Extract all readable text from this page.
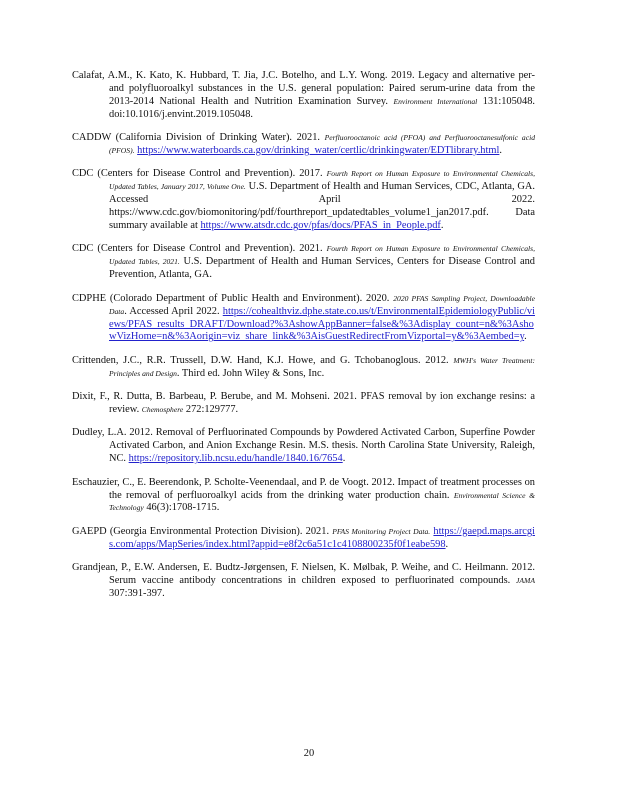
Calafat, A.M., K. Kato, K. Hubbard, T. Jia, J.C. Botelho, and L.Y. Wong. 2019. Legacy and alternative per- and polyfluoroalkyl substances in the U.S. general population: Paired serum-urine data from the 2013-2014 National Health and Nutrition Examination Survey. Environment International 131:105048. doi:10.1016/j.envint.2019.105048.
CADDW (California Division of Drinking Water). 2021. Perfluorooctanoic acid (PFOA) and Perfluorooctanesulfonic acid (PFOS). https://www.waterboards.ca.gov/drinking_water/certlic/drinkingwater/EDTlibrary.html.
CDC (Centers for Disease Control and Prevention). 2017. Fourth Report on Human Exposure to Environmental Chemicals, Updated Tables, January 2017, Volume One. U.S. Department of Health and Human Services, CDC, Atlanta, GA. Accessed April 2022. https://www.cdc.gov/biomonitoring/pdf/fourthreport_updatedtables_volume1_jan2017.pdf. Data summary available at https://www.atsdr.cdc.gov/pfas/docs/PFAS_in_People.pdf.
CDC (Centers for Disease Control and Prevention). 2021. Fourth Report on Human Exposure to Environmental Chemicals, Updated Tables, 2021. U.S. Department of Health and Human Services, Centers for Disease Control and Prevention, Atlanta, GA.
CDPHE (Colorado Department of Public Health and Environment). 2020. 2020 PFAS Sampling Project, Downloadable Data. Accessed April 2022. https://cohealthviz.dphe.state.co.us/t/EnvironmentalEpidemiologyPublic/views/PFAS_results_DRAFT/Download?%3AshowAppBanner=false&%3Adisplay_count=n&%3AshowVizHome=n&%3Aorigin=viz_share_link&%3AisGuestRedirectFromVizportal=y&%3Aembed=y.
Crittenden, J.C., R.R. Trussell, D.W. Hand, K.J. Howe, and G. Tchobanoglous. 2012. MWH's Water Treatment: Principles and Design. Third ed. John Wiley & Sons, Inc.
Dixit, F., R. Dutta, B. Barbeau, P. Berube, and M. Mohseni. 2021. PFAS removal by ion exchange resins: a review. Chemosphere 272:129777.
Dudley, L.A. 2012. Removal of Perfluorinated Compounds by Powdered Activated Carbon, Superfine Powder Activated Carbon, and Anion Exchange Resin. M.S. thesis. North Carolina State University, Raleigh, NC. https://repository.lib.ncsu.edu/handle/1840.16/7654.
Eschauzier, C., E. Beerendonk, P. Scholte-Veenendaal, and P. de Voogt. 2012. Impact of treatment processes on the removal of perfluoroalkyl acids from the drinking water production chain. Environmental Science & Technology 46(3):1708-1715.
GAEPD (Georgia Environmental Protection Division). 2021. PFAS Monitoring Project Data. https://gaepd.maps.arcgis.com/apps/MapSeries/index.html?appid=e8f2c6a51c1c4108800235f0f1eabe598.
Grandjean, P., E.W. Andersen, E. Budtz-Jørgensen, F. Nielsen, K. Mølbak, P. Weihe, and C. Heilmann. 2012. Serum vaccine antibody concentrations in children exposed to perfluorinated compounds. JAMA 307:391-397.
20
